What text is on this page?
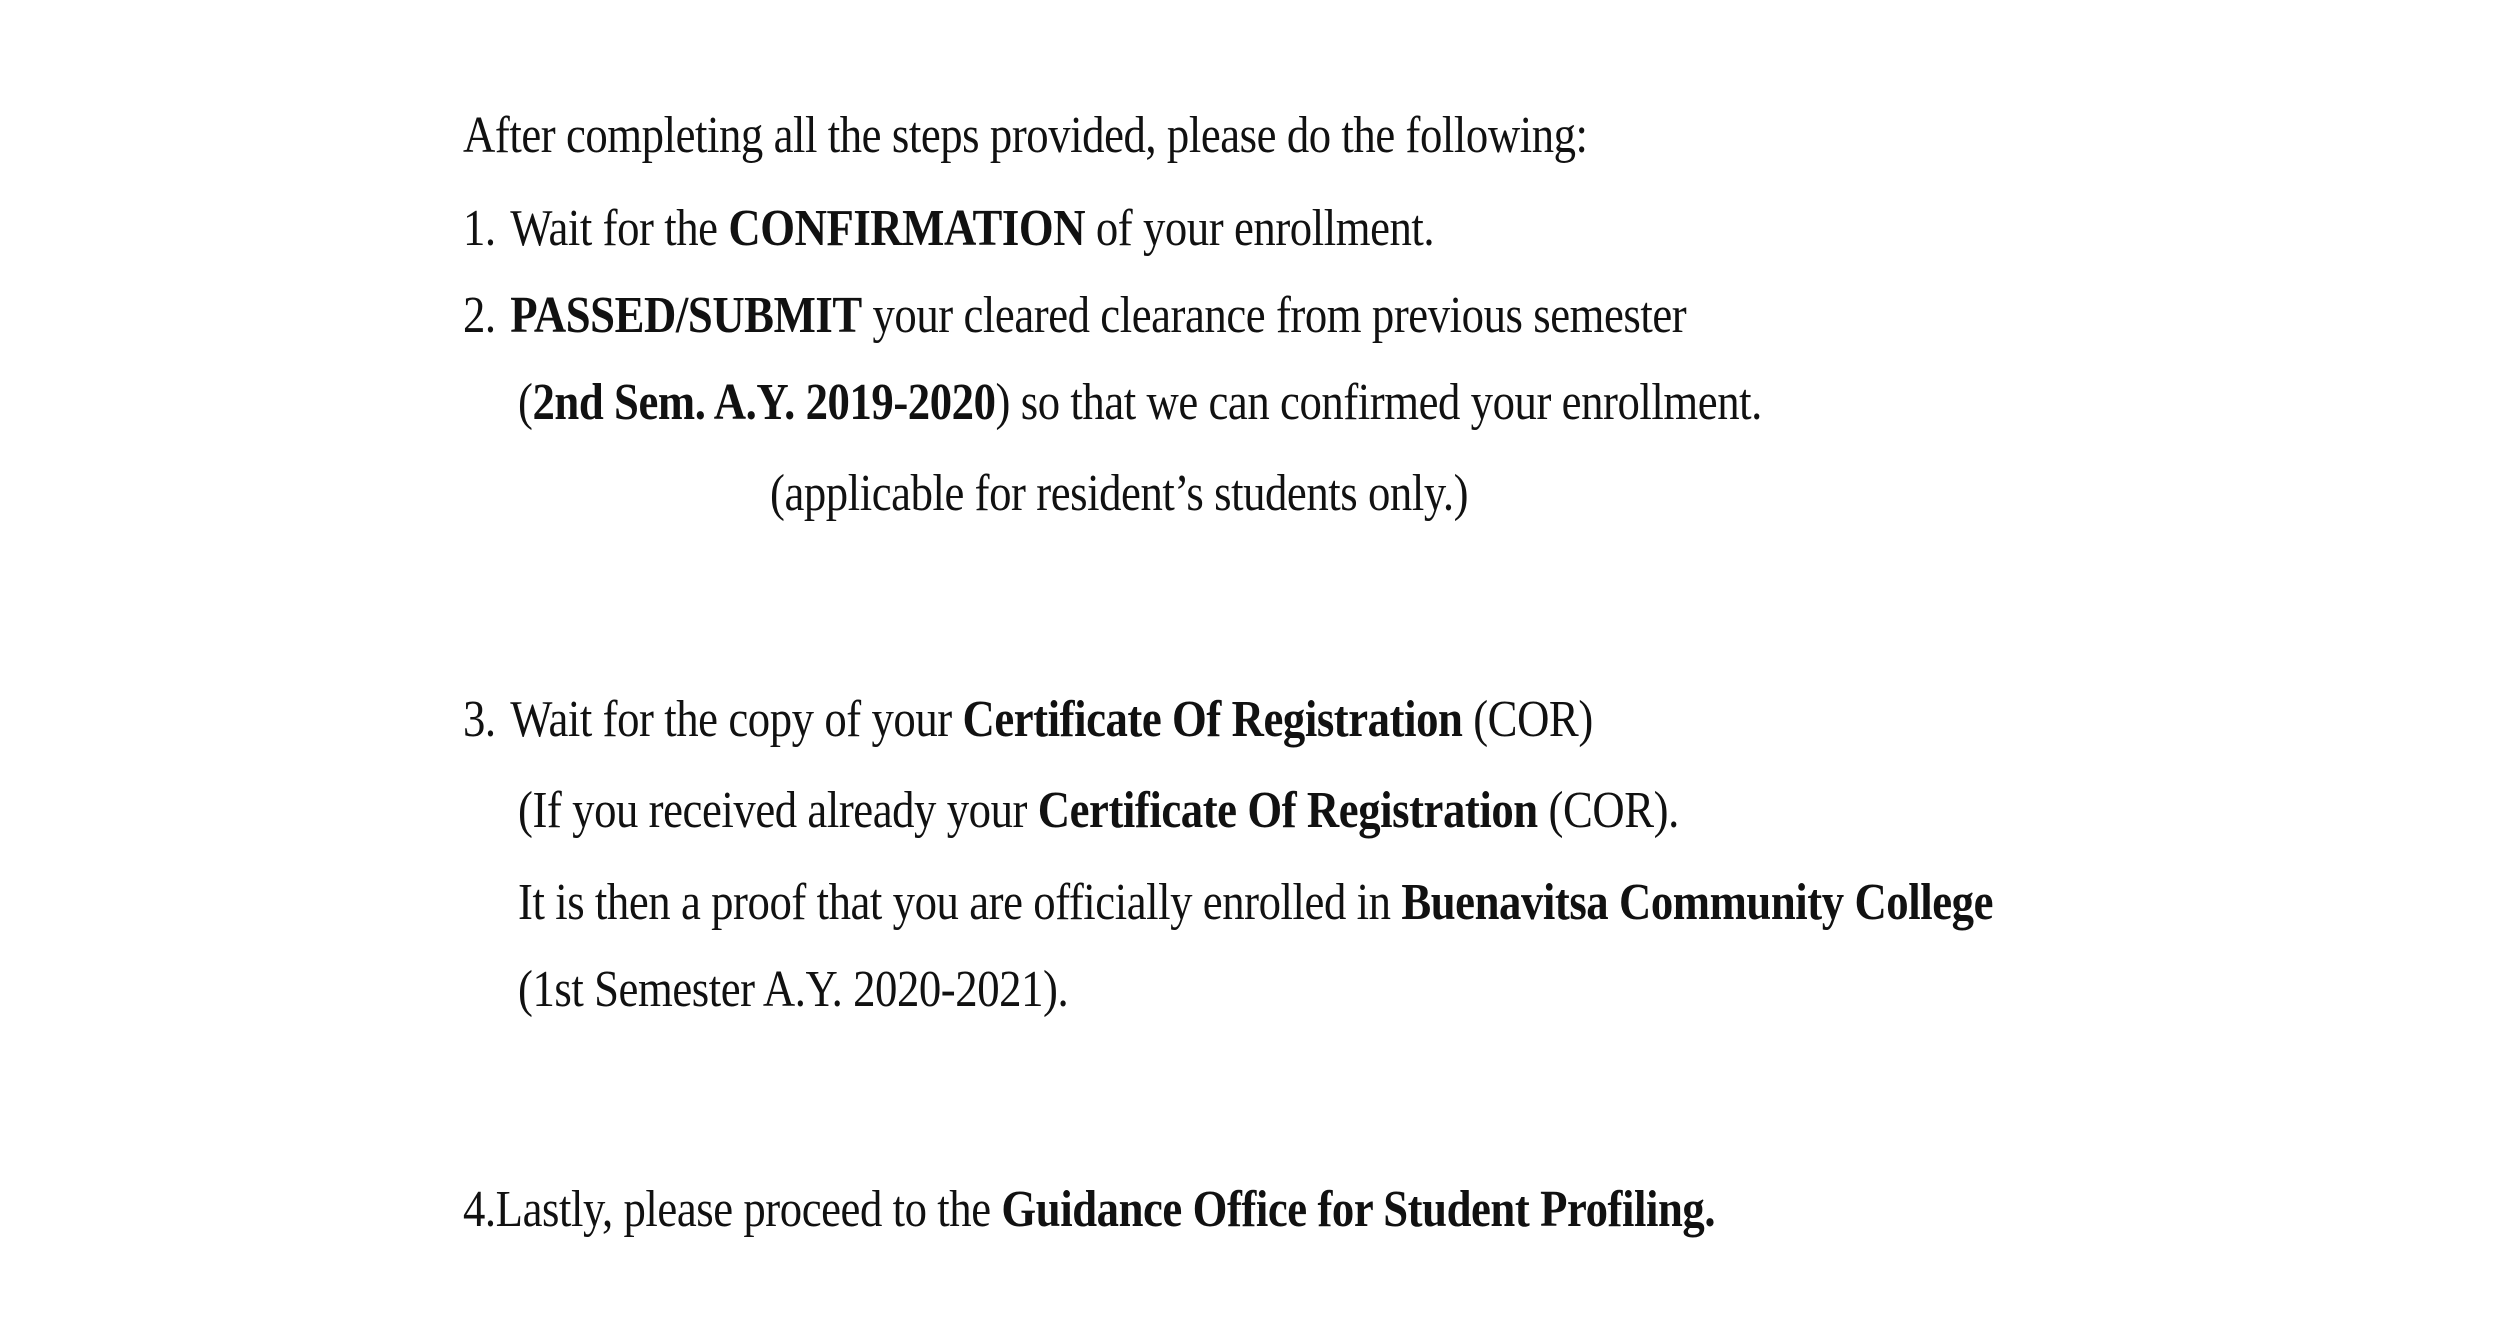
After completing all the steps provided, please do the following:
1. Wait for the CONFIRMATION of your enrollment.
2. PASSED/SUBMIT your cleared clearance from previous semester
(2nd Sem. A.Y. 2019-2020) so that we can confirmed your enrollment.
(applicable for resident’s students only.)
3. Wait for the copy of your Certificate Of Registration (COR)
(If you received already your Certificate Of Registration (COR).
It is then a proof that you are officially enrolled in Buenavitsa Community College
(1st Semester A.Y. 2020-2021).
4.Lastly, please proceed to the Guidance Office for Student Profiling.
